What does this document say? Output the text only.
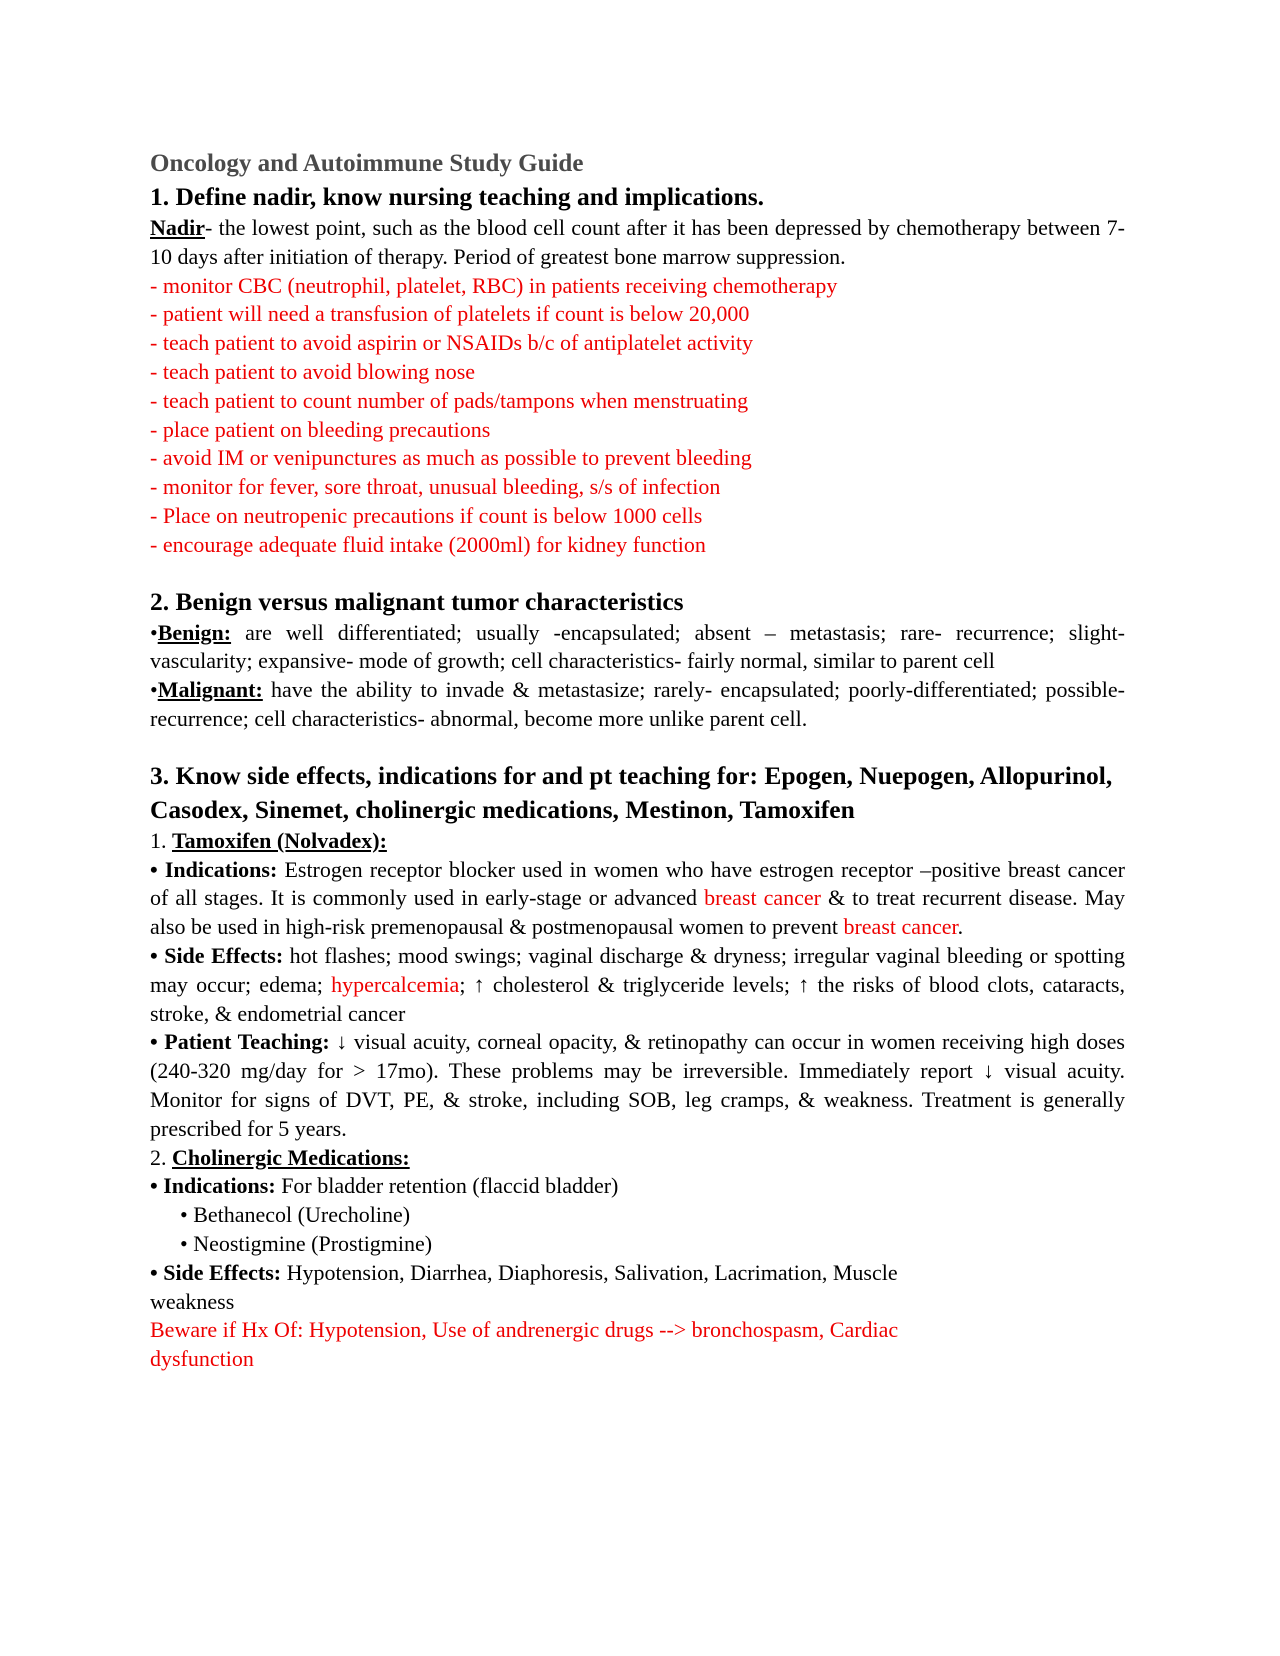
Oncology and Autoimmune Study Guide
1. Define nadir, know nursing teaching and implications.
Nadir- the lowest point, such as the blood cell count after it has been depressed by chemotherapy between 7-10 days after initiation of therapy. Period of greatest bone marrow suppression.
- monitor CBC (neutrophil, platelet, RBC) in patients receiving chemotherapy
- patient will need a transfusion of platelets if count is below 20,000
- teach patient to avoid aspirin or NSAIDs b/c of antiplatelet activity
- teach patient to avoid blowing nose
- teach patient to count number of pads/tampons when menstruating
- place patient on bleeding precautions
- avoid IM or venipunctures as much as possible to prevent bleeding
- monitor for fever, sore throat, unusual bleeding, s/s of infection
- Place on neutropenic precautions if count is below 1000 cells
- encourage adequate fluid intake (2000ml) for kidney function
2. Benign versus malignant tumor characteristics
•Benign: are well differentiated; usually -encapsulated; absent – metastasis; rare- recurrence; slight- vascularity; expansive- mode of growth; cell characteristics- fairly normal, similar to parent cell
•Malignant: have the ability to invade & metastasize; rarely- encapsulated; poorly-differentiated; possible- recurrence; cell characteristics- abnormal, become more unlike parent cell.
3. Know side effects, indications for and pt teaching for: Epogen, Nuepogen, Allopurinol, Casodex, Sinemet, cholinergic medications, Mestinon, Tamoxifen
1. Tamoxifen (Nolvadex):
• Indications: Estrogen receptor blocker used in women who have estrogen receptor –positive breast cancer of all stages. It is commonly used in early-stage or advanced breast cancer & to treat recurrent disease. May also be used in high-risk premenopausal & postmenopausal women to prevent breast cancer.
• Side Effects: hot flashes; mood swings; vaginal discharge & dryness; irregular vaginal bleeding or spotting may occur; edema; hypercalcemia; ↑ cholesterol & triglyceride levels; ↑ the risks of blood clots, cataracts, stroke, & endometrial cancer
• Patient Teaching: ↓ visual acuity, corneal opacity, & retinopathy can occur in women receiving high doses (240-320 mg/day for > 17mo). These problems may be irreversible. Immediately report ↓ visual acuity. Monitor for signs of DVT, PE, & stroke, including SOB, leg cramps, & weakness. Treatment is generally prescribed for 5 years.
2. Cholinergic Medications:
• Indications: For bladder retention (flaccid bladder)
• Bethanecol (Urecholine)
• Neostigmine (Prostigmine)
• Side Effects: Hypotension, Diarrhea, Diaphoresis, Salivation, Lacrimation, Muscle
weakness
Beware if Hx Of: Hypotension, Use of andrenergic drugs --> bronchospasm, Cardiac
dysfunction
